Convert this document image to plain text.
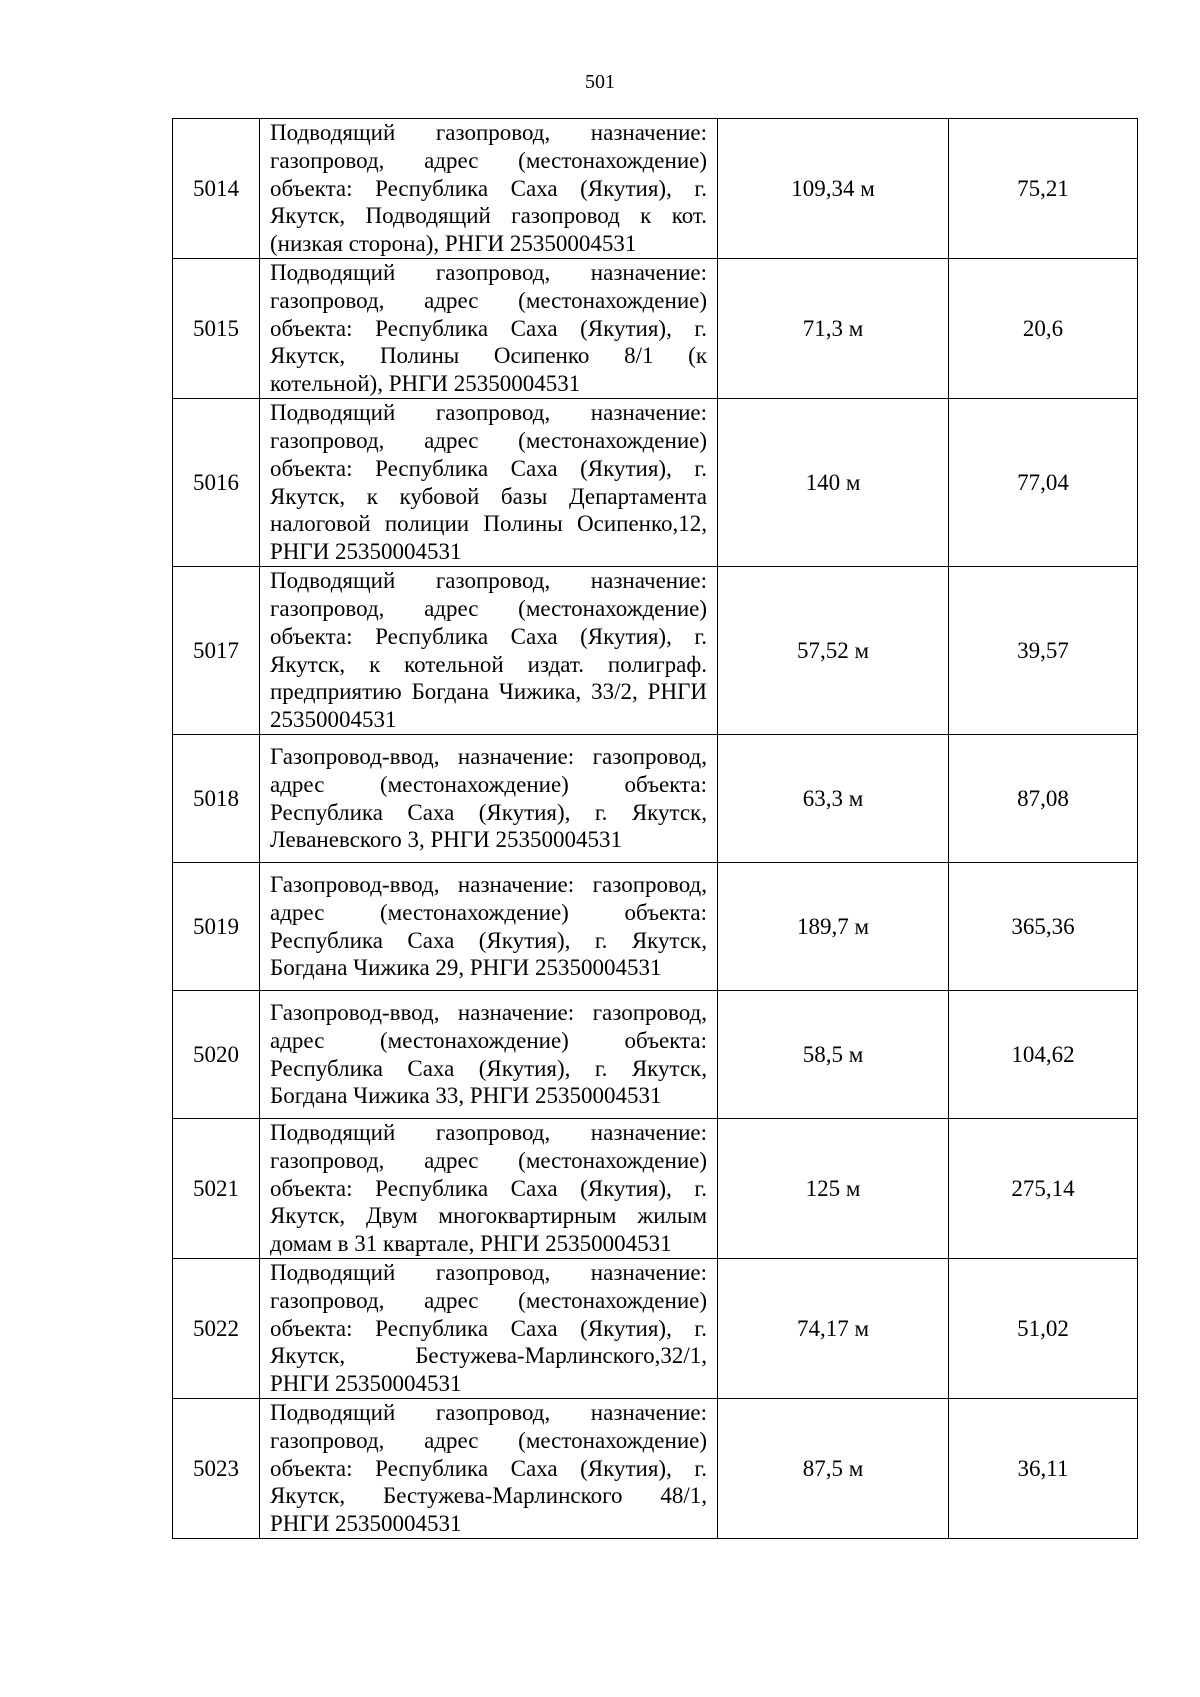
501
5014	Подводящий газопровод, назначение: газопровод, адрес (местонахождение) объекта: Республика Саха (Якутия), г. Якутск, Подводящий газопровод к кот. (низкая сторона), РНГИ 25350004531	109,34 м	75,21
5015	Подводящий газопровод, назначение: газопровод, адрес (местонахождение) объекта: Республика Саха (Якутия), г. Якутск, Полины Осипенко 8/1 (к котельной), РНГИ 25350004531	71,3 м	20,6
5016	Подводящий газопровод, назначение: газопровод, адрес (местонахождение) объекта: Республика Саха (Якутия), г. Якутск, к кубовой базы Департамента налоговой полиции Полины Осипенко,12, РНГИ 25350004531	140 м	77,04
5017	Подводящий газопровод, назначение: газопровод, адрес (местонахождение) объекта: Республика Саха (Якутия), г. Якутск, к котельной издат. полиграф. предприятию Богдана Чижика, 33/2, РНГИ 25350004531	57,52 м	39,57
5018	Газопровод-ввод, назначение: газопровод, адрес (местонахождение) объекта: Республика Саха (Якутия), г. Якутск, Леваневского 3, РНГИ 25350004531	63,3 м	87,08
5019	Газопровод-ввод, назначение: газопровод, адрес (местонахождение) объекта: Республика Саха (Якутия), г. Якутск, Богдана Чижика 29, РНГИ 25350004531	189,7 м	365,36
5020	Газопровод-ввод, назначение: газопровод, адрес (местонахождение) объекта: Республика Саха (Якутия), г. Якутск, Богдана Чижика 33, РНГИ 25350004531	58,5 м	104,62
5021	Подводящий газопровод, назначение: газопровод, адрес (местонахождение) объекта: Республика Саха (Якутия), г. Якутск, Двум многоквартирным жилым домам в 31 квартале, РНГИ 25350004531	125 м	275,14
5022	Подводящий газопровод, назначение: газопровод, адрес (местонахождение) объекта: Республика Саха (Якутия), г. Якутск, Бестужева-Марлинского,32/1, РНГИ 25350004531	74,17 м	51,02
5023	Подводящий газопровод, назначение: газопровод, адрес (местонахождение) объекта: Республика Саха (Якутия), г. Якутск, Бестужева-Марлинского 48/1, РНГИ 25350004531	87,5 м	36,11
